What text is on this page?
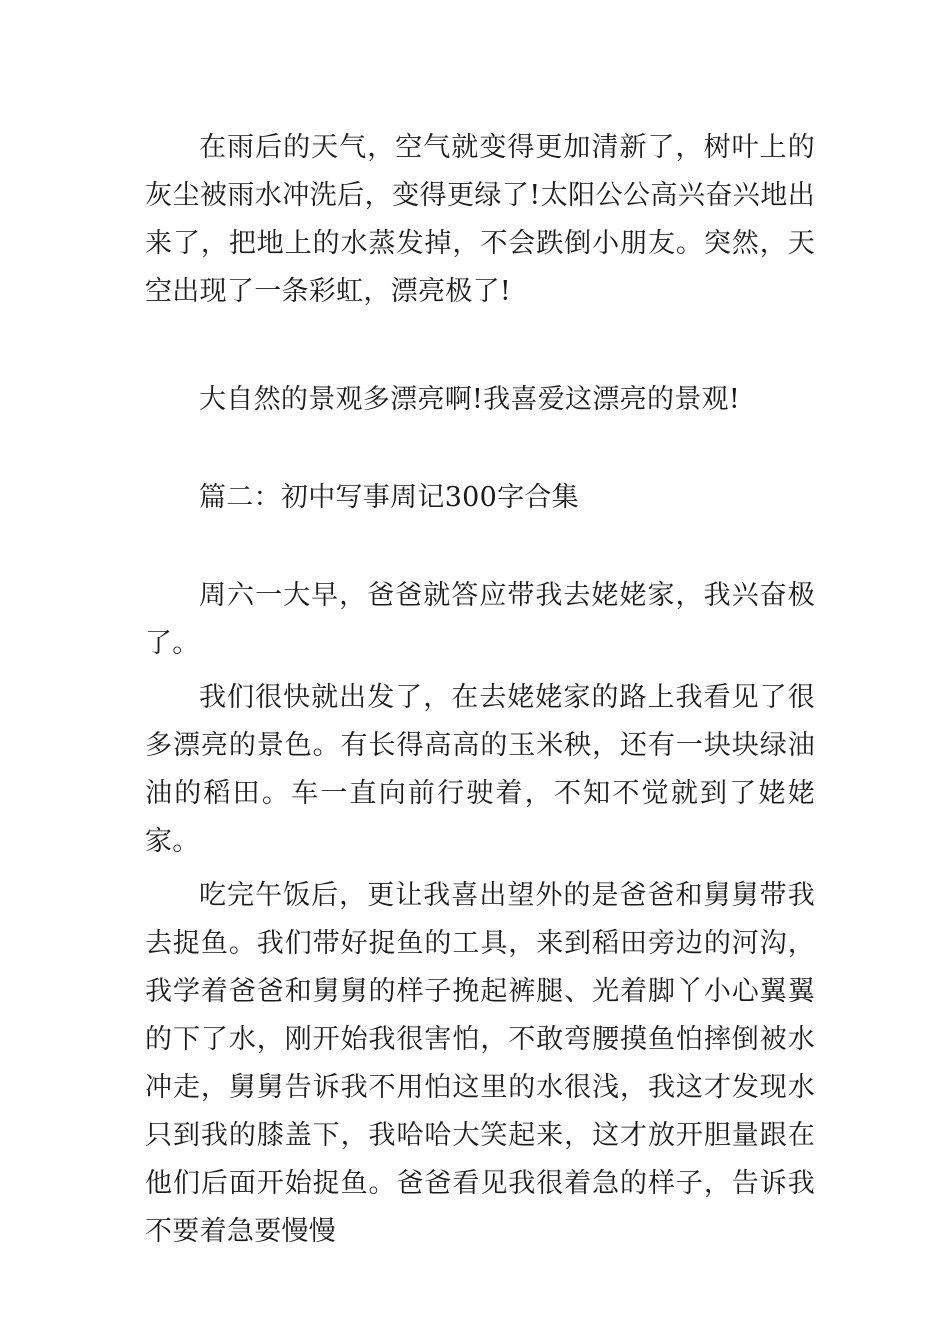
在雨后的天气，空气就变得更加清新了，树叶上的灰尘被雨水冲洗后，变得更绿了!太阳公公高兴奋兴地出来了，把地上的水蒸发掉，不会跌倒小朋友。突然，天空出现了一条彩虹，漂亮极了!

大自然的景观多漂亮啊!我喜爱这漂亮的景观!

篇二：初中写事周记300字合集

周六一大早，爸爸就答应带我去姥姥家，我兴奋极了。

我们很快就出发了，在去姥姥家的路上我看见了很多漂亮的景色。有长得高高的玉米秧，还有一块块绿油油的稻田。车一直向前行驶着，不知不觉就到了姥姥家。

吃完午饭后，更让我喜出望外的是爸爸和舅舅带我去捉鱼。我们带好捉鱼的工具，来到稻田旁边的河沟，我学着爸爸和舅舅的样子挽起裤腿、光着脚丫小心翼翼的下了水，刚开始我很害怕，不敢弯腰摸鱼怕摔倒被水冲走，舅舅告诉我不用怕这里的水很浅，我这才发现水只到我的膝盖下，我哈哈大笑起来，这才放开胆量跟在他们后面开始捉鱼。爸爸看见我很着急的样子，告诉我不要着急要慢慢
